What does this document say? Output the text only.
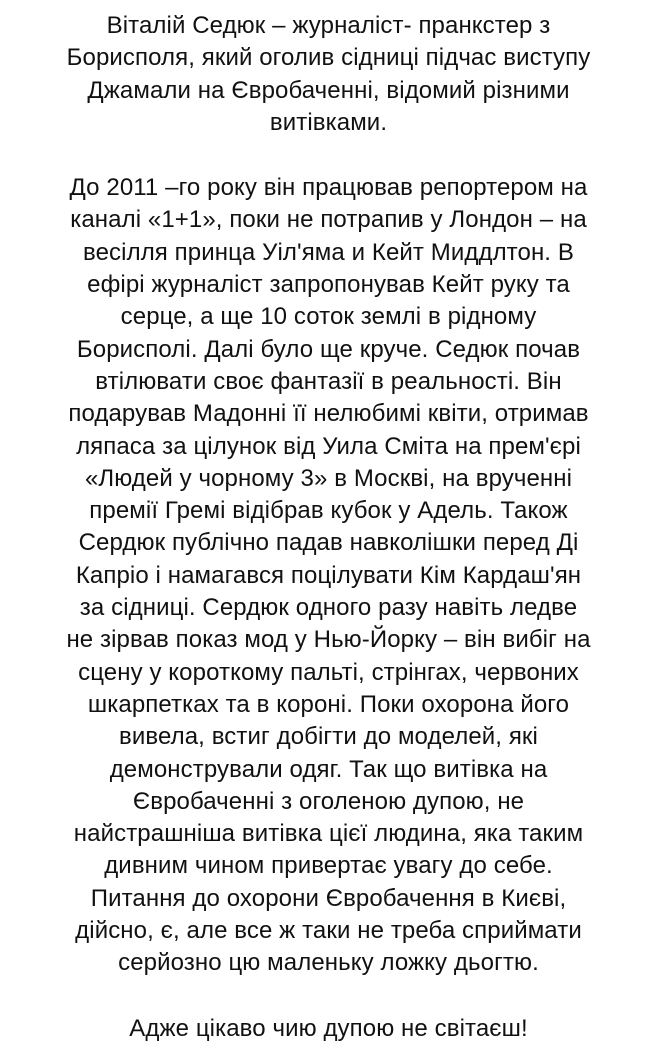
Віталій Седюк – журналіст- пранкстер з
Борисполя, який оголив сідниці підчас виступу
Джамали на Євробаченні, відомий різними
витівками.

До 2011 –го року він працював репортером на
каналі «1+1», поки не потрапив у Лондон – на
весілля принца Уіл'яма и Кейт Миддлтон. В
ефірі журналіст запропонував Кейт руку та
серце, а ще 10 соток землі в рідному
Борисполі. Далі було ще круче. Седюк почав
втілювати своє фантазії в реальності. Він
подарував Мадонні її нелюбимі квіти, отримав
ляпаса за цілунок від Уила Сміта на прем'єрі
«Людей у чорному 3» в Москві, на врученні
премії Гремі відібрав кубок у Адель. Також
Сердюк публічно падав навколішки перед Ді
Капріо і намагався поцілувати Кім Кардаш'ян
за сідниці. Сердюк одного разу навіть ледве
не зірвав показ мод у Нью-Йорку – він вибіг на
сцену у короткому пальті, стрінгах, червоних
шкарпетках та в короні. Поки охорона його
вивела, встиг добігти до моделей, які
демонстрували одяг. Так що витівка на
Євробаченні з оголеною дупою, не
найстрашніша витівка цієї людина, яка таким
дивним чином привертає увагу до себе.
Питання до охорони Євробачення в Києві,
дійсно, є, але все ж таки не треба сприймати
серйозно цю маленьку ложку дьогтю.

Адже цікаво чию дупою не світаєш!
